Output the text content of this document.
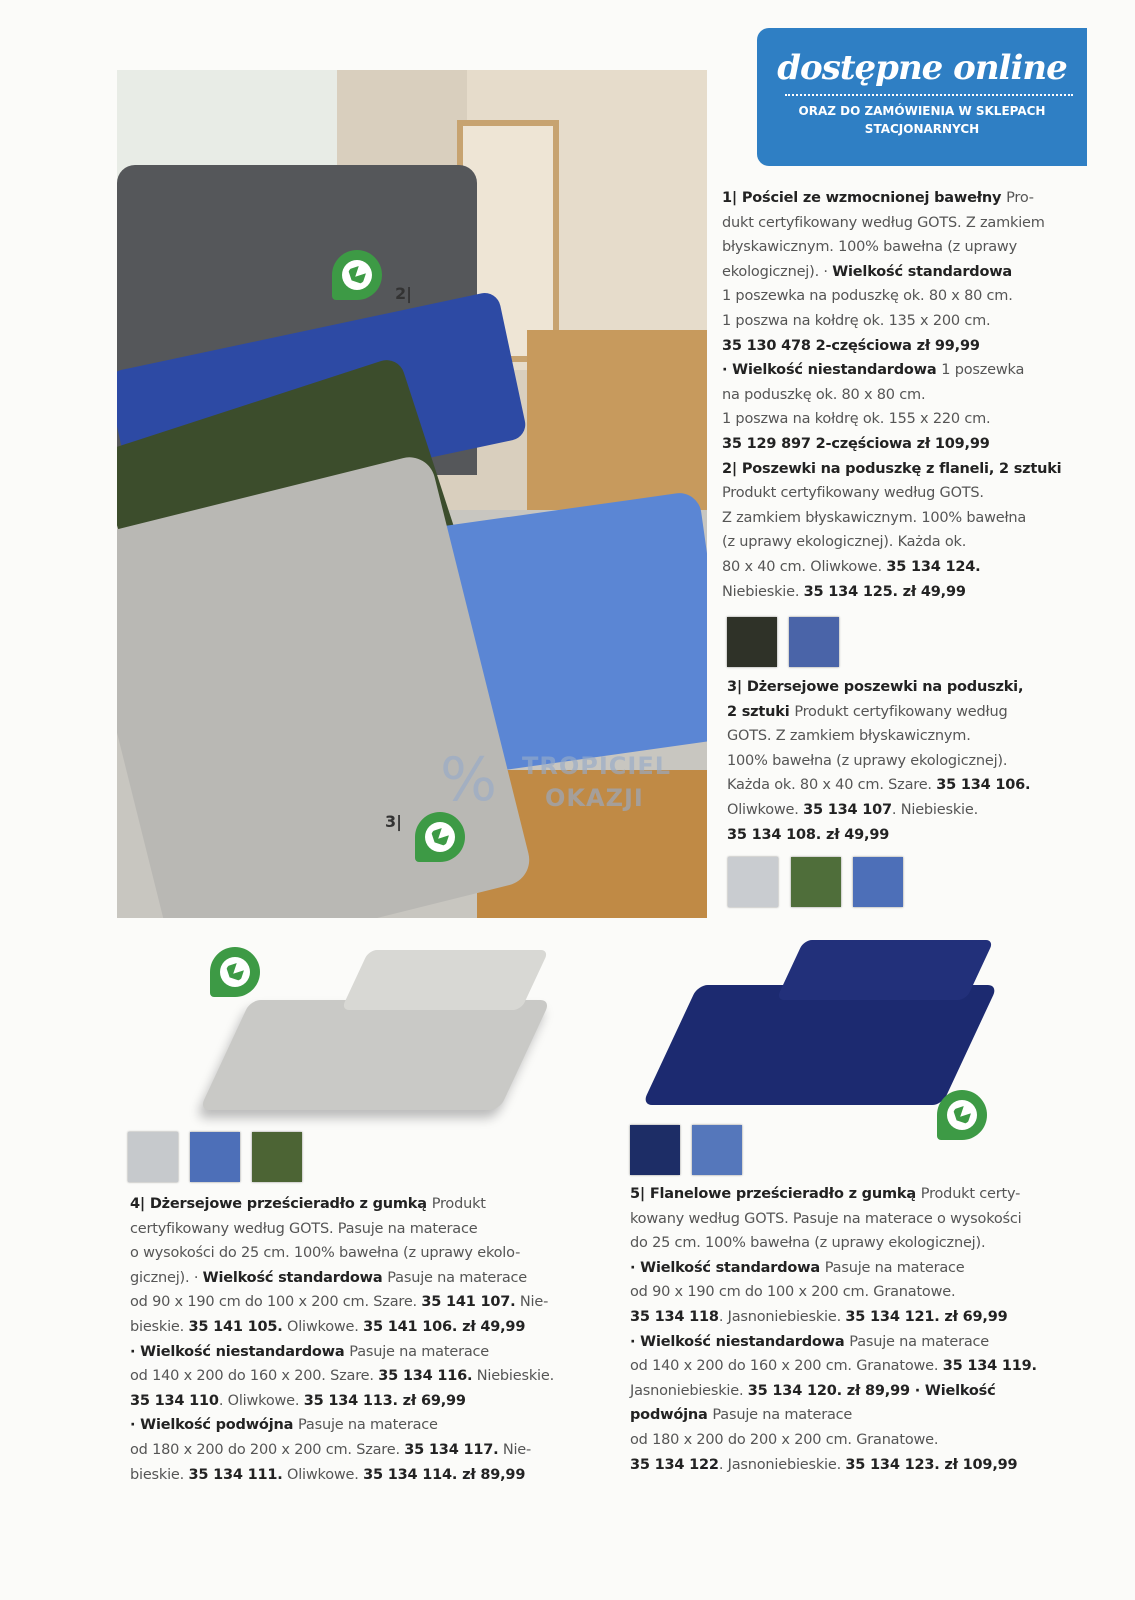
2|
3|
% TROPICIEL
OKAZJI
dostępne online
ORAZ DO ZAMÓWIENIA W SKLEPACH
STACJONARNYCH
1| Pościel ze wzmocnionej bawełny Pro-
dukt certyfikowany według GOTS. Z zamkiem
błyskawicznym. 100% bawełna (z uprawy
ekologicznej). · Wielkość standardowa
1 poszewka na poduszkę ok. 80 x 80 cm.
1 poszwa na kołdrę ok. 135 x 200 cm.
35 130 478 2-częściowa zł 99,99
· Wielkość niestandardowa 1 poszewka
na poduszkę ok. 80 x 80 cm.
1 poszwa na kołdrę ok. 155 x 220 cm.
35 129 897 2-częściowa zł 109,99
2| Poszewki na poduszkę z flaneli, 2 sztuki
Produkt certyfikowany według GOTS.
Z zamkiem błyskawicznym. 100% bawełna
(z uprawy ekologicznej). Każda ok.
80 x 40 cm. Oliwkowe. 35 134 124.
Niebieskie. 35 134 125. zł 49,99
3| Dżersejowe poszewki na poduszki,
2 sztuki Produkt certyfikowany według
GOTS. Z zamkiem błyskawicznym.
100% bawełna (z uprawy ekologicznej).
Każda ok. 80 x 40 cm. Szare. 35 134 106.
Oliwkowe. 35 134 107. Niebieskie.
35 134 108. zł 49,99
4| Dżersejowe prześcieradło z gumką Produkt
certyfikowany według GOTS. Pasuje na materace
o wysokości do 25 cm. 100% bawełna (z uprawy ekolo-
gicznej). · Wielkość standardowa Pasuje na materace
od 90 x 190 cm do 100 x 200 cm. Szare. 35 141 107. Nie-
bieskie. 35 141 105. Oliwkowe. 35 141 106. zł 49,99
· Wielkość niestandardowa Pasuje na materace
od 140 x 200 do 160 x 200. Szare. 35 134 116. Niebieskie.
35 134 110. Oliwkowe. 35 134 113. zł 69,99
· Wielkość podwójna Pasuje na materace
od 180 x 200 do 200 x 200 cm. Szare. 35 134 117. Nie-
bieskie. 35 134 111. Oliwkowe. 35 134 114. zł 89,99
5| Flanelowe prześcieradło z gumką Produkt certy-
kowany według GOTS. Pasuje na materace o wysokości
do 25 cm. 100% bawełna (z uprawy ekologicznej).
· Wielkość standardowa Pasuje na materace
od 90 x 190 cm do 100 x 200 cm. Granatowe.
35 134 118. Jasnoniebieskie. 35 134 121. zł 69,99
· Wielkość niestandardowa Pasuje na materace
od 140 x 200 do 160 x 200 cm. Granatowe. 35 134 119.
Jasnoniebieskie. 35 134 120. zł 89,99 · Wielkość
podwójna Pasuje na materace
od 180 x 200 do 200 x 200 cm. Granatowe.
35 134 122. Jasnoniebieskie. 35 134 123. zł 109,99
